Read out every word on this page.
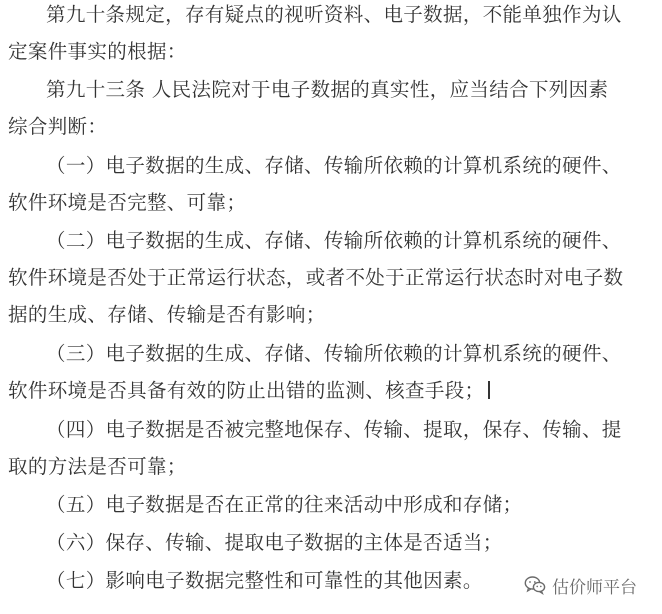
第九十条规定，存有疑点的视听资料、电子数据，不能单独作为认
定案件事实的根据：
第九十三条 人民法院对于电子数据的真实性，应当结合下列因素
综合判断：
（一）电子数据的生成、存储、传输所依赖的计算机系统的硬件、
软件环境是否完整、可靠；
（二）电子数据的生成、存储、传输所依赖的计算机系统的硬件、
软件环境是否处于正常运行状态，或者不处于正常运行状态时对电子数
据的生成、存储、传输是否有影响；
（三）电子数据的生成、存储、传输所依赖的计算机系统的硬件、
软件环境是否具备有效的防止出错的监测、核查手段；
（四）电子数据是否被完整地保存、传输、提取，保存、传输、提
取的方法是否可靠；
（五）电子数据是否在正常的往来活动中形成和存储；
（六）保存、传输、提取电子数据的主体是否适当；
（七）影响电子数据完整性和可靠性的其他因素。	估价师平台
